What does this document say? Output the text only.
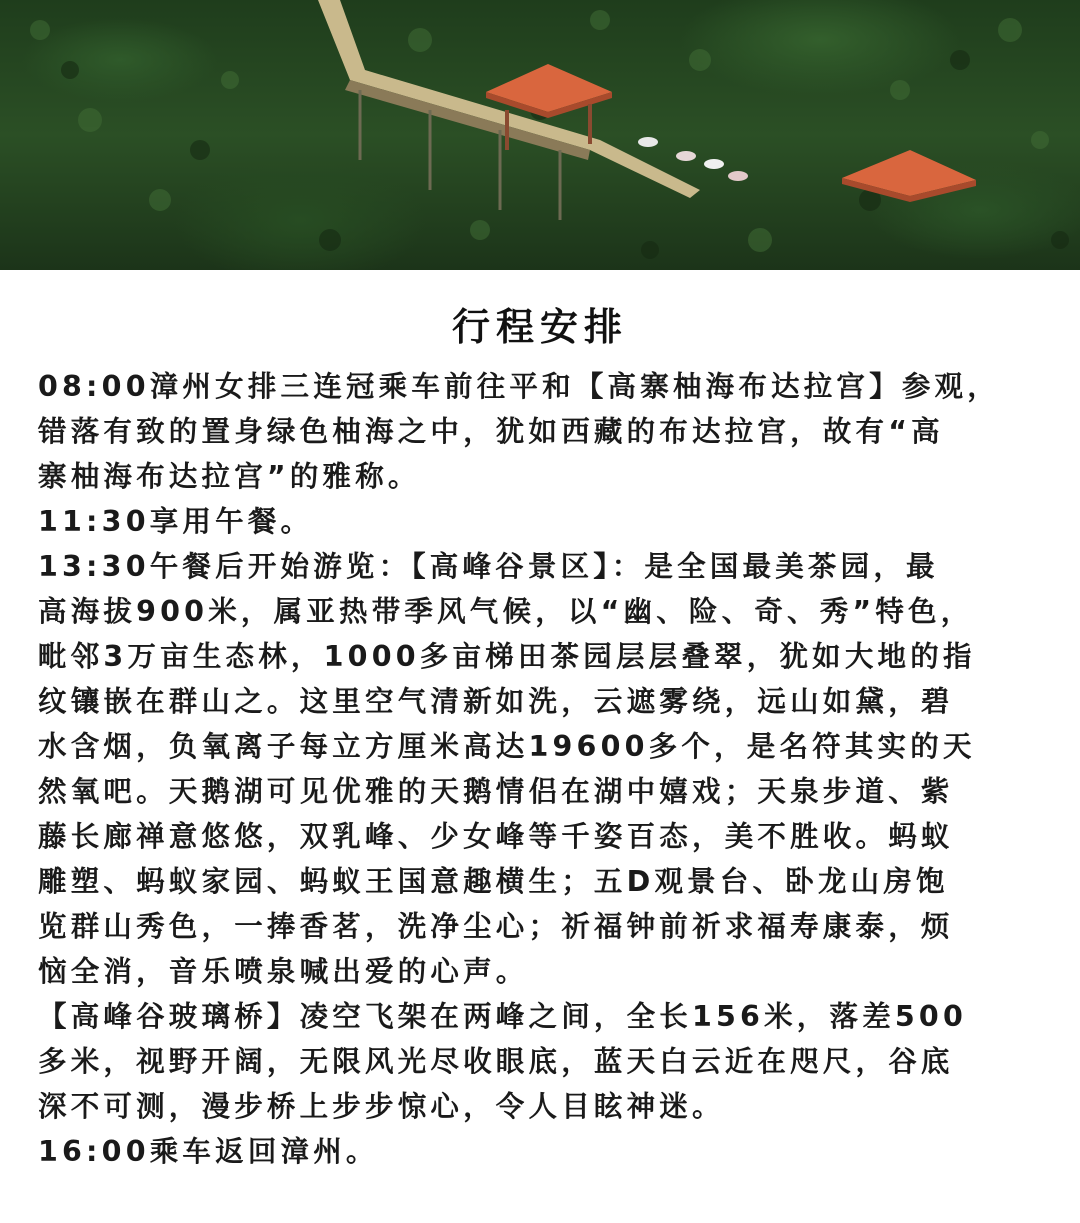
行程安排

08:00漳州女排三连冠乘车前往平和【高寨柚海布达拉宫】参观，
错落有致的置身绿色柚海之中，犹如西藏的布达拉宫，故有“高
寨柚海布达拉宫”的雅称。

11:30享用午餐。

13:30午餐后开始游览：【高峰谷景区】：是全国最美茶园，最
高海拔900米，属亚热带季风气候，以“幽、险、奇、秀”特色，
毗邻3万亩生态林，1000多亩梯田茶园层层叠翠，犹如大地的指
纹镶嵌在群山之。这里空气清新如洗，云遮雾绕，远山如黛，碧
水含烟，负氧离子每立方厘米高达19600多个，是名符其实的天
然氧吧。天鹅湖可见优雅的天鹅情侣在湖中嬉戏；天泉步道、紫
藤长廊禅意悠悠，双乳峰、少女峰等千姿百态，美不胜收。蚂蚁
雕塑、蚂蚁家园、蚂蚁王国意趣横生；五D观景台、卧龙山房饱
览群山秀色，一捧香茗，洗净尘心；祈福钟前祈求福寿康泰，烦
恼全消，音乐喷泉喊出爱的心声。

【高峰谷玻璃桥】凌空飞架在两峰之间，全长156米，落差500
多米，视野开阔，无限风光尽收眼底，蓝天白云近在咫尺，谷底
深不可测，漫步桥上步步惊心，令人目眩神迷。

16:00乘车返回漳州。
